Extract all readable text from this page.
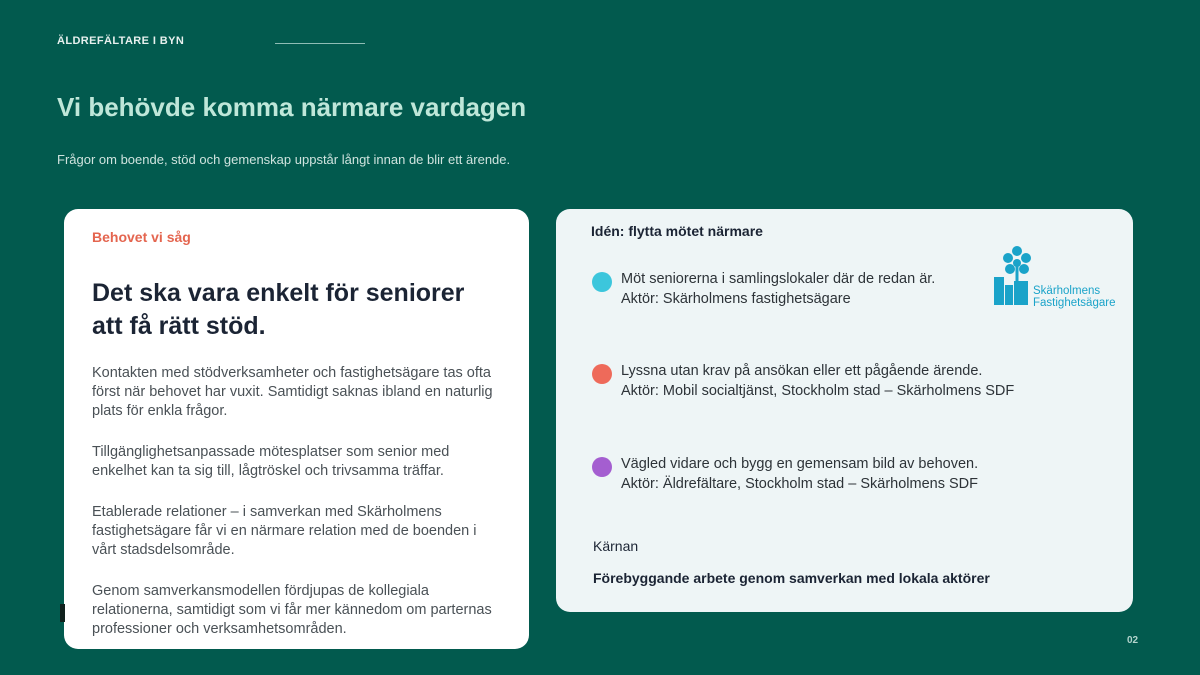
ÄLDREFÄLTARE I BYN
Vi behövde komma närmare vardagen

Frågor om boende, stöd och gemenskap uppstår långt innan de blir ett ärende.

Behovet vi såg

Det ska vara enkelt för seniorer
att få rätt stöd.

Kontakten med stödverksamheter och fastighetsägare tas ofta först när behovet har vuxit. Samtidigt saknas ibland en naturlig plats för enkla frågor.

Tillgänglighetsanpassade mötesplatser som senior med enkelhet kan ta sig till, lågtröskel och trivsamma träffar.

Etablerade relationer – i samverkan med Skärholmens fastighetsägare får vi en närmare relation med de boenden i vårt stadsdelsområde.

Genom samverkansmodellen fördjupas de kollegiala relationerna, samtidigt som vi får mer kännedom om parternas professioner och verksamhetsområden.

Idén: flytta mötet närmare

Möt seniorerna i samlingslokaler där de redan är.
Aktör: Skärholmens fastighetsägare

Lyssna utan krav på ansökan eller ett pågående ärende.
Aktör: Mobil socialtjänst, Stockholm stad – Skärholmens SDF

Vägled vidare och bygg en gemensam bild av behoven.
Aktör: Äldrefältare, Stockholm stad – Skärholmens SDF

Kärnan

Förebyggande arbete genom samverkan med lokala aktörer

Skärholmens
Fastighetsägare

02
